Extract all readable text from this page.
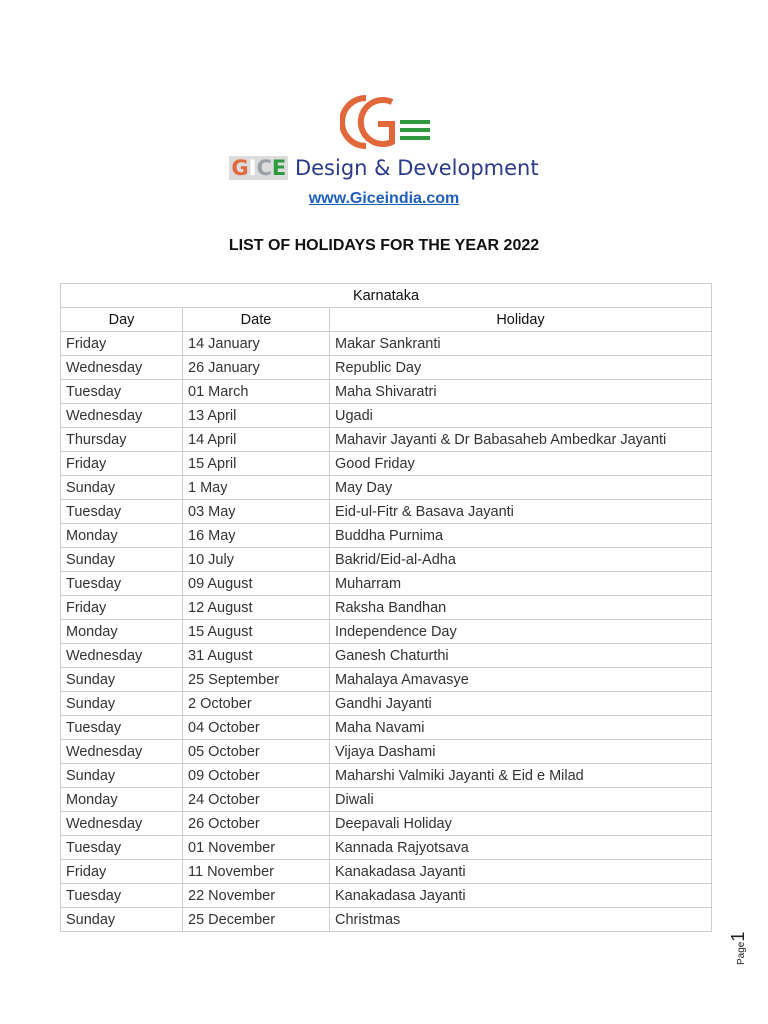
GICE Design & Development
www.Giceindia.com
LIST OF HOLIDAYS FOR THE YEAR 2022
Karnataka		
Day	Date	Holiday
Friday	14 January	Makar Sankranti
Wednesday	26 January	Republic Day
Tuesday	01 March	Maha Shivaratri
Wednesday	13 April	Ugadi
Thursday	14 April	Mahavir Jayanti & Dr Babasaheb Ambedkar Jayanti
Friday	15 April	Good Friday
Sunday	1 May	May Day
Tuesday	03 May	Eid-ul-Fitr & Basava Jayanti
Monday	16 May	Buddha Purnima
Sunday	10 July	Bakrid/Eid-al-Adha
Tuesday	09 August	Muharram
Friday	12 August	Raksha Bandhan
Monday	15 August	Independence Day
Wednesday	31 August	Ganesh Chaturthi
Sunday	25 September	Mahalaya Amavasye
Sunday	2 October	Gandhi Jayanti
Tuesday	04 October	Maha Navami
Wednesday	05 October	Vijaya Dashami
Sunday	09 October	Maharshi Valmiki Jayanti & Eid e Milad
Monday	24 October	Diwali
Wednesday	26 October	Deepavali Holiday
Tuesday	01 November	Kannada Rajyotsava
Friday	11 November	Kanakadasa Jayanti
Tuesday	22 November	Kanakadasa Jayanti
Sunday	25 December	Christmas
Page1
